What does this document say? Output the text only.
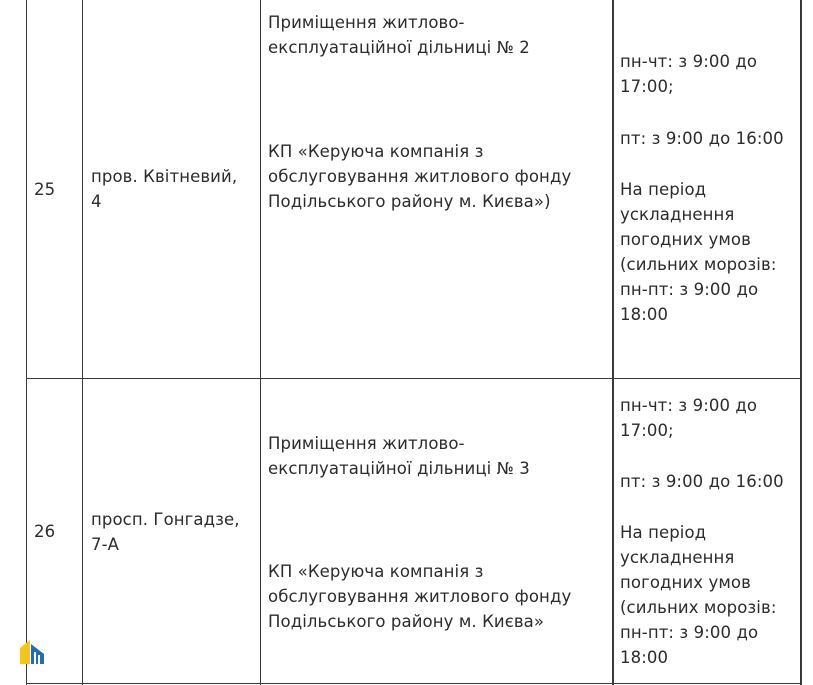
25
пров. Квітневий,
4
Приміщення житлово-
експлуатаційної дільниці № 2
КП «Керуюча компанія з
обслуговування житлового фонду
Подільського району м. Києва»)
пн-чт: з 9:00 до
17:00;
пт: з 9:00 до 16:00
На період
ускладнення
погодних умов
(сильних морозів:
пн-пт: з 9:00 до
18:00
26
просп. Гонгадзе,
7-А
Приміщення житлово-
експлуатаційної дільниці № 3
КП «Керуюча компанія з
обслуговування житлового фонду
Подільського району м. Києва»
пн-чт: з 9:00 до
17:00;
пт: з 9:00 до 16:00
На період
ускладнення
погодних умов
(сильних морозів:
пн-пт: з 9:00 до
18:00
